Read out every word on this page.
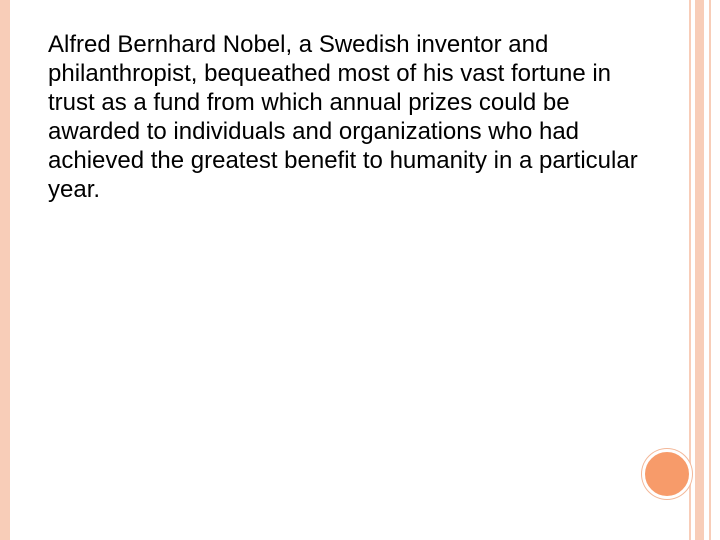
Alfred Bernhard Nobel, a Swedish inventor and philanthropist, bequeathed most of his vast fortune in trust as a fund from which annual prizes could be awarded to individuals and organizations who had achieved the greatest benefit to humanity in a particular year.
